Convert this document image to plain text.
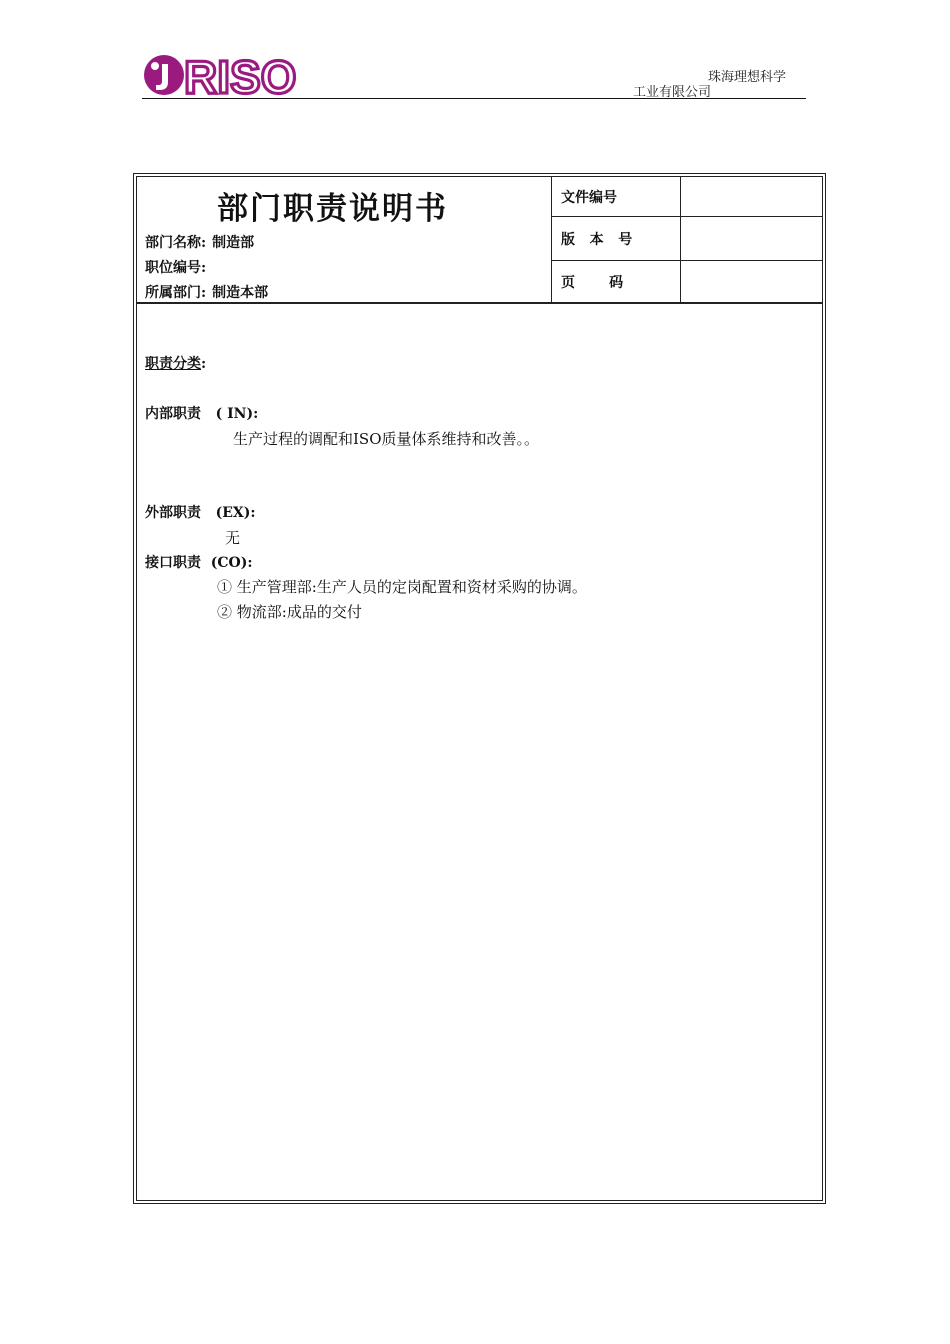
RISO	珠海理想科学
工业有限公司
部门职责说明书
部门名称: 制造部
职位编号:
所属部门: 制造本部
文件编号
版   本   号
页       码
职责分类:
内部职责   ( IN):
生产过程的调配和ISO质量体系维持和改善。。
外部职责   (EX):
无
接口职责  (CO):
① 生产管理部:生产人员的定岗配置和资材采购的协调。
② 物流部:成品的交付
